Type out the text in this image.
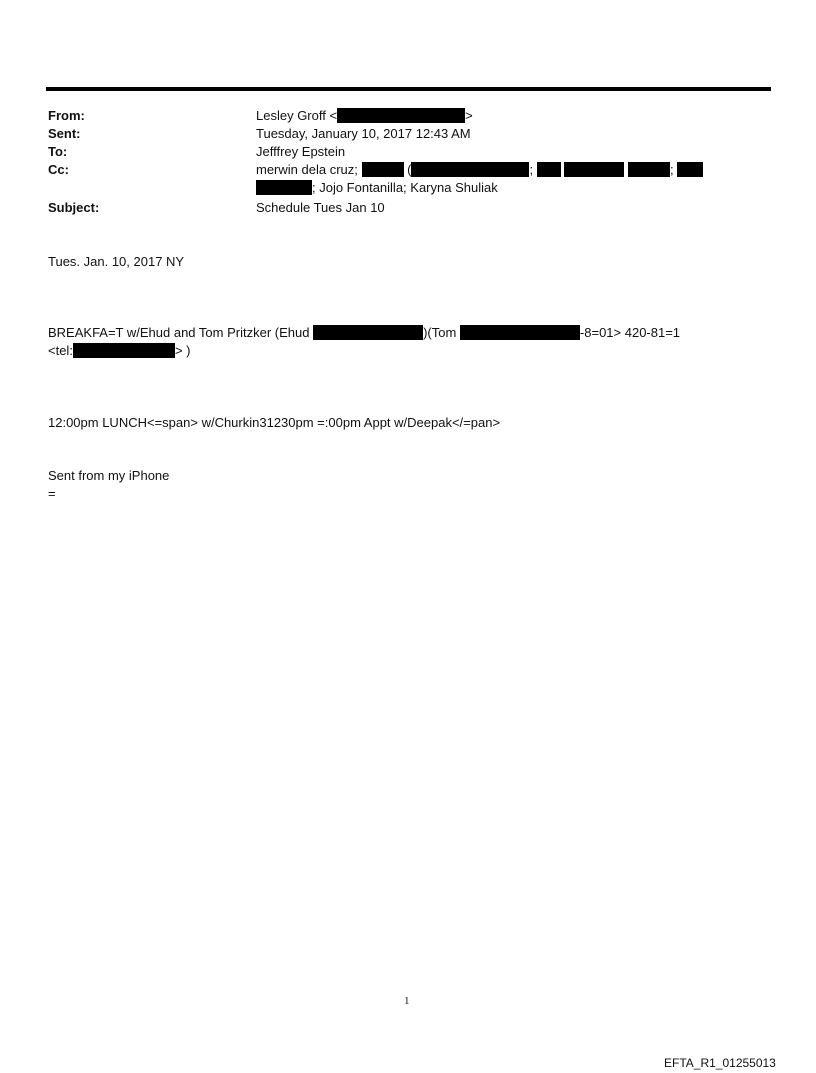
From:	Lesley Groff <	>
Sent:	Tuesday, January 10, 2017 12:43 AM
To:	Jefffrey Epstein
Cc:	merwin dela cruz;	(	;	;
; Jojo Fontanilla; Karyna Shuliak
Subject:	Schedule Tues Jan 10
Tues. Jan. 10, 2017 NY
BREAKFA=T w/Ehud and Tom Pritzker (Ehud	)(Tom	-8=01> 420-81=1
<tel:	> )
12:00pm LUNCH<=span> w/Churkin31230pm =:00pm Appt w/Deepak</=pan>
Sent from my iPhone
=
1
EFTA_R1_01255013
